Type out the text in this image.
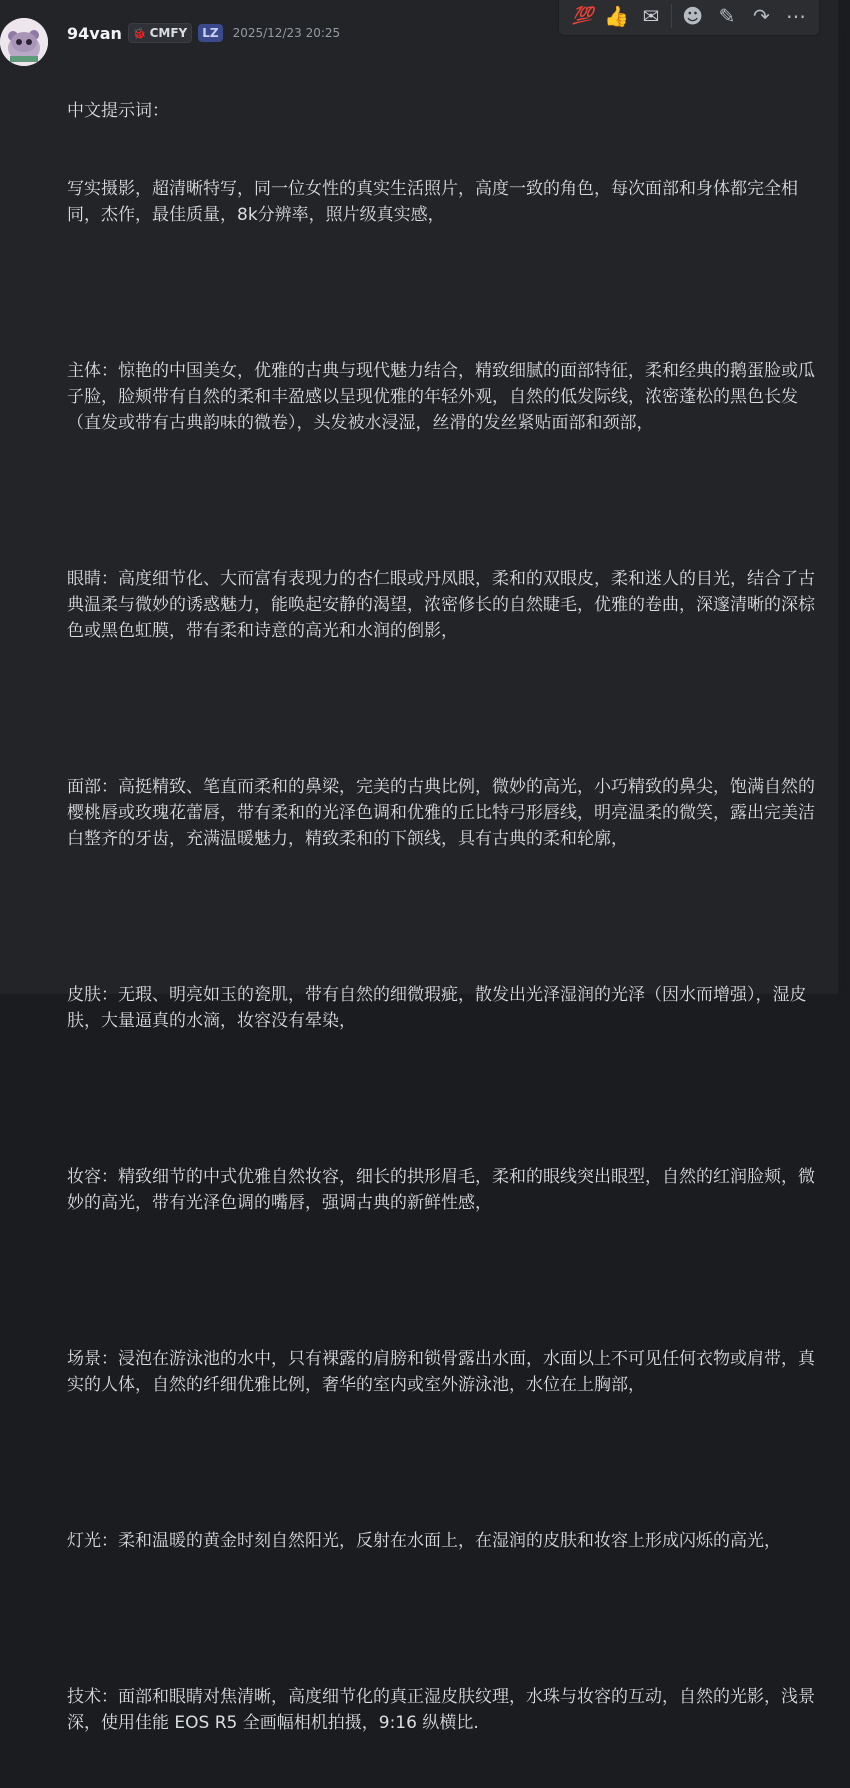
94van 🐞 CMFY	LZ	2025/12/23 20:25

中文提示词：

写实摄影，超清晰特写，同一位女性的真实生活照片，高度一致的角色，每次面部和身体都完全相同，杰作，最佳质量，8k分辨率，照片级真实感，

主体：惊艳的中国美女，优雅的古典与现代魅力结合，精致细腻的面部特征，柔和经典的鹅蛋脸或瓜子脸，脸颊带有自然的柔和丰盈感以呈现优雅的年轻外观，自然的低发际线，浓密蓬松的黑色长发（直发或带有古典韵味的微卷），头发被水浸湿，丝滑的发丝紧贴面部和颈部，

眼睛：高度细节化、大而富有表现力的杏仁眼或丹凤眼，柔和的双眼皮，柔和迷人的目光，结合了古典温柔与微妙的诱惑魅力，能唤起安静的渴望，浓密修长的自然睫毛，优雅的卷曲，深邃清晰的深棕色或黑色虹膜，带有柔和诗意的高光和水润的倒影，

面部：高挺精致、笔直而柔和的鼻梁，完美的古典比例，微妙的高光，小巧精致的鼻尖，饱满自然的樱桃唇或玫瑰花蕾唇，带有柔和的光泽色调和优雅的丘比特弓形唇线，明亮温柔的微笑，露出完美洁白整齐的牙齿，充满温暖魅力，精致柔和的下颌线，具有古典的柔和轮廓，

皮肤：无瑕、明亮如玉的瓷肌，带有自然的细微瑕疵，散发出光泽湿润的光泽（因水而增强），湿皮肤，大量逼真的水滴，妆容没有晕染，

妆容：精致细节的中式优雅自然妆容，细长的拱形眉毛，柔和的眼线突出眼型，自然的红润脸颊，微妙的高光，带有光泽色调的嘴唇，强调古典的新鲜性感，

场景：浸泡在游泳池的水中，只有裸露的肩膀和锁骨露出水面，水面以上不可见任何衣物或肩带，真实的人体，自然的纤细优雅比例，奢华的室内或室外游泳池，水位在上胸部，

灯光：柔和温暖的黄金时刻自然阳光，反射在水面上，在湿润的皮肤和妆容上形成闪烁的高光，

技术：面部和眼睛对焦清晰，高度细节化的真正湿皮肤纹理，水珠与妆容的互动，自然的光影，浅景深，使用佳能 EOS R5 全画幅相机拍摄，9:16 纵横比.

💯 👍 ✉ ☻ ✎ ↷ ⋯
